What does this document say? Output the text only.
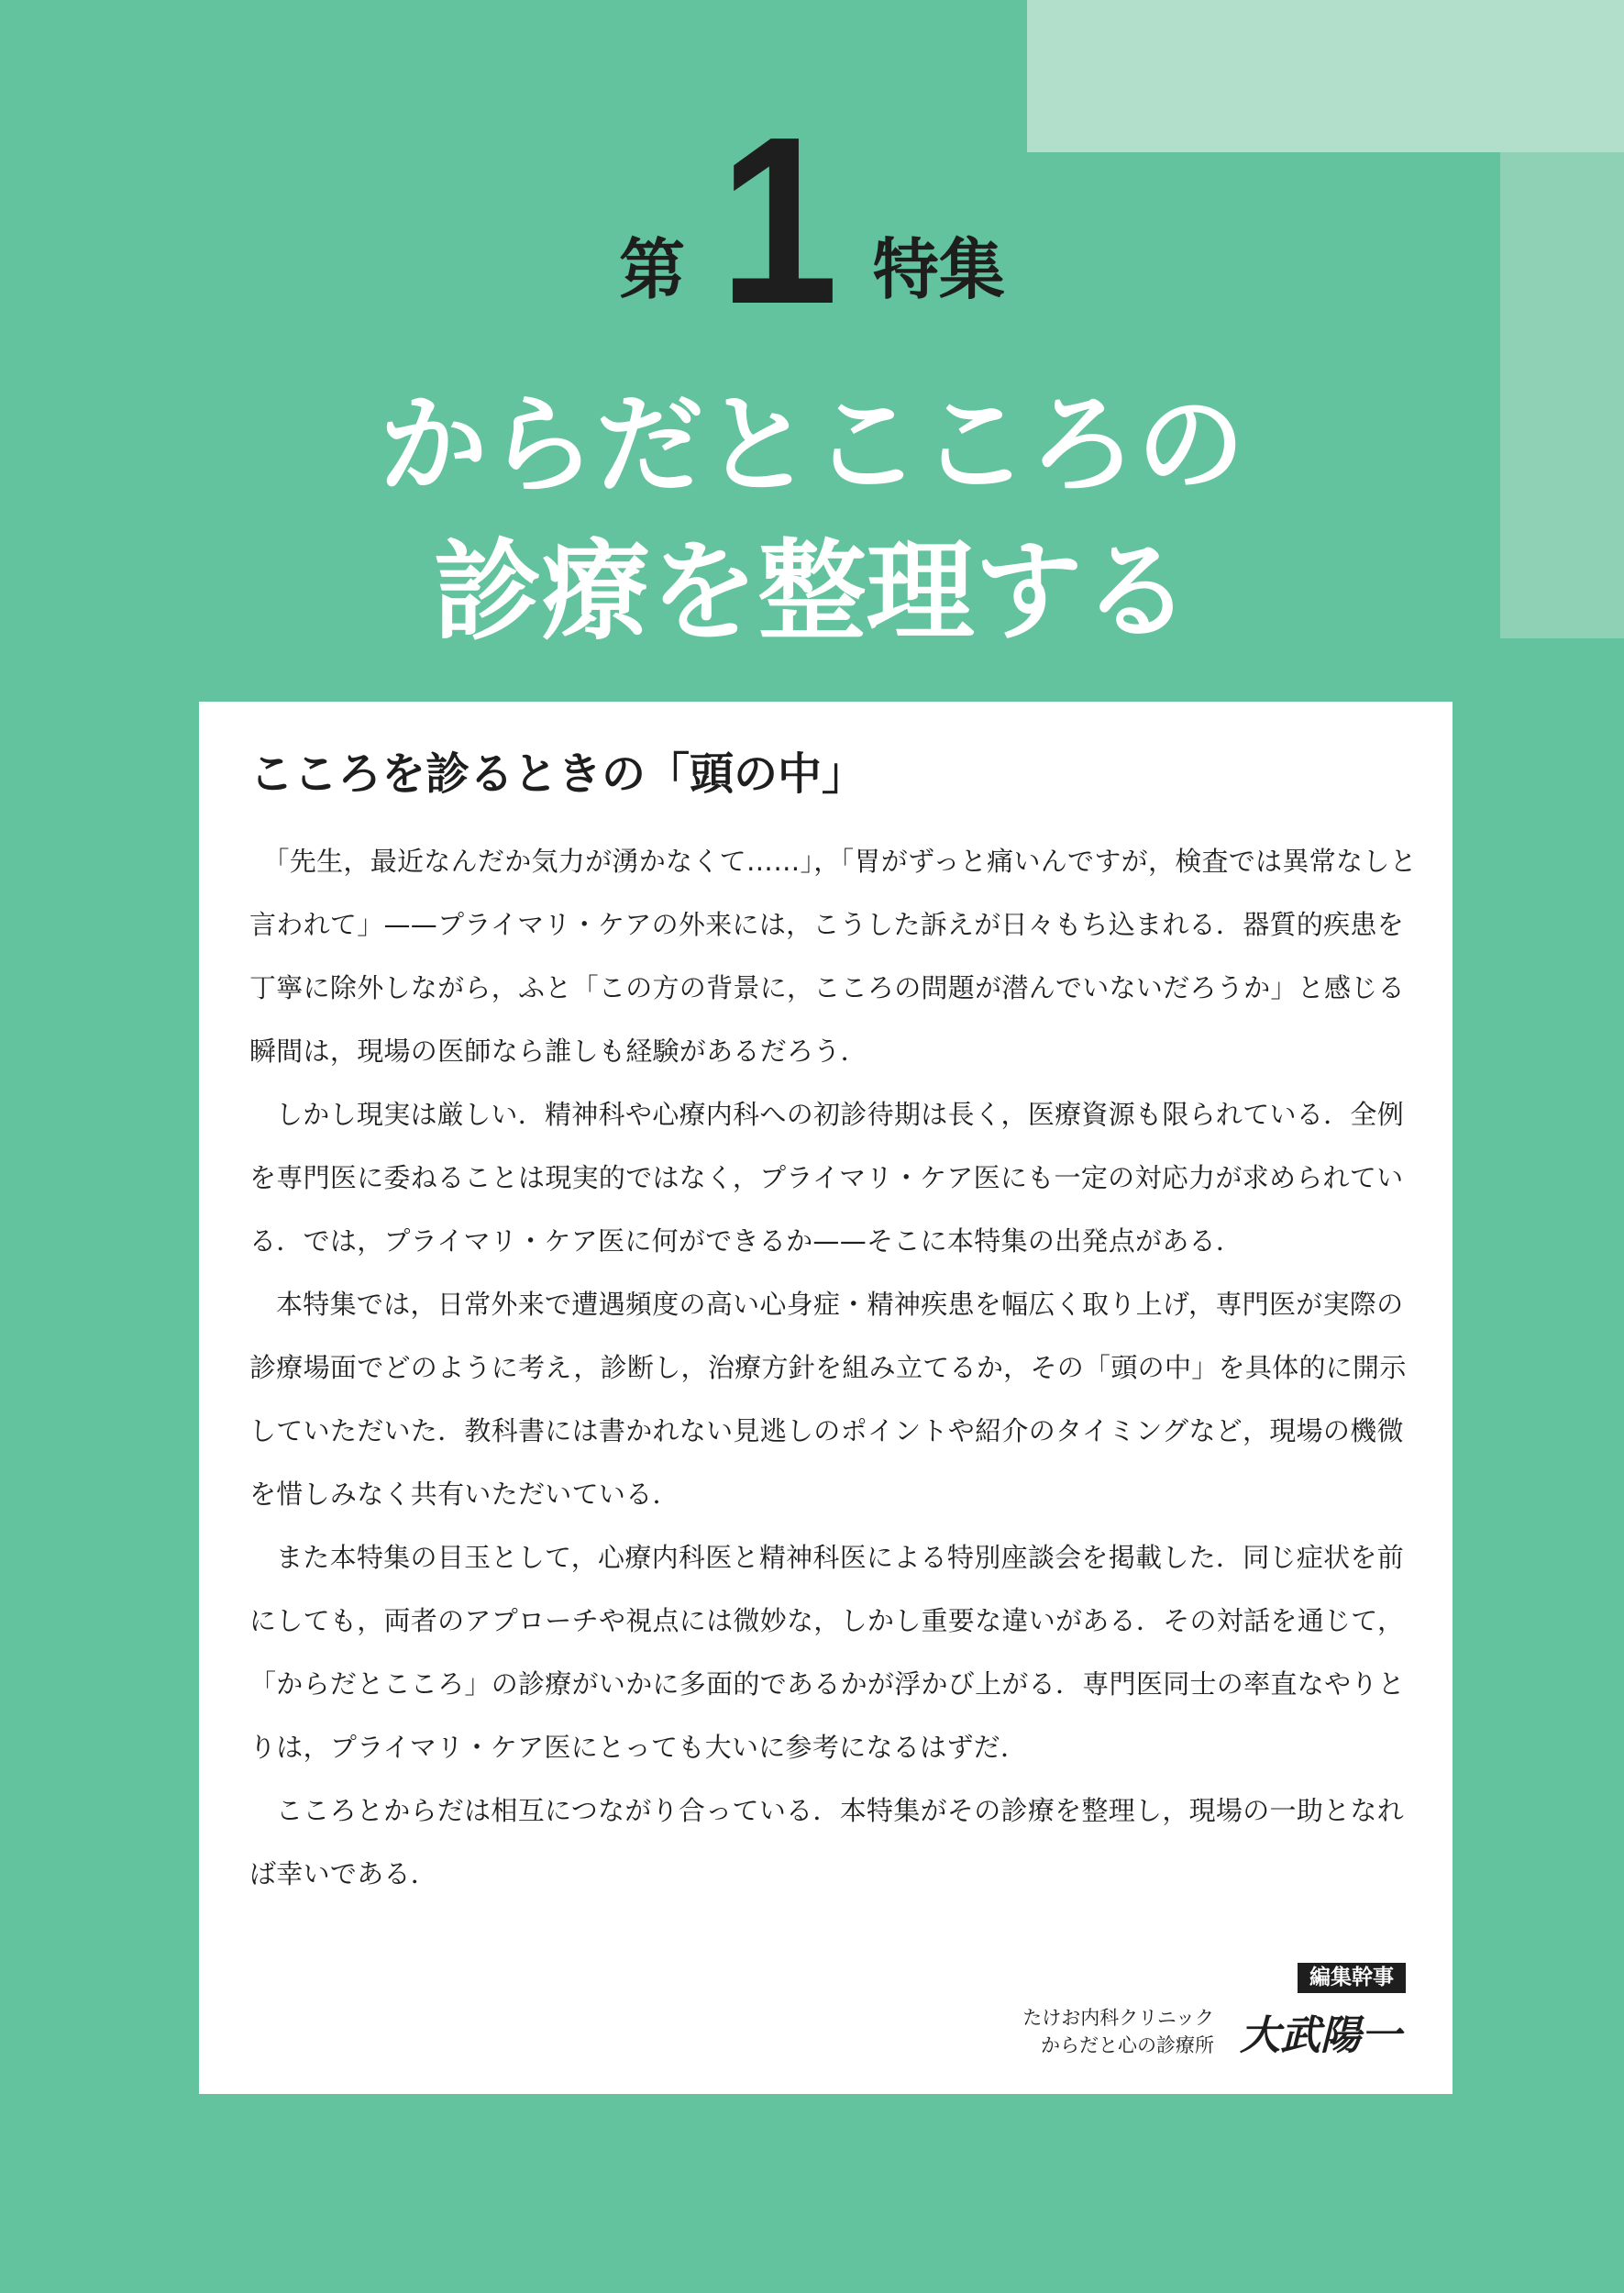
第 1 特集
からだとこころの
診療を整理する
こころを診るときの「頭の中」

「先生，最近なんだか気力が湧かなくて……」，「胃がずっと痛いんですが，検査では異常なしと言われて」——プライマリ・ケアの外来には，こうした訴えが日々もち込まれる．器質的疾患を丁寧に除外しながら，ふと「この方の背景に，こころの問題が潜んでいないだろうか」と感じる瞬間は，現場の医師なら誰しも経験があるだろう．

しかし現実は厳しい．精神科や心療内科への初診待期は長く，医療資源も限られている．全例を専門医に委ねることは現実的ではなく，プライマリ・ケア医にも一定の対応力が求められている．では，プライマリ・ケア医に何ができるか——そこに本特集の出発点がある．

本特集では，日常外来で遭遇頻度の高い心身症・精神疾患を幅広く取り上げ，専門医が実際の診療場面でどのように考え，診断し，治療方針を組み立てるか，その「頭の中」を具体的に開示していただいた．教科書には書かれない見逃しのポイントや紹介のタイミングなど，現場の機微を惜しみなく共有いただいている．

また本特集の目玉として，心療内科医と精神科医による特別座談会を掲載した．同じ症状を前にしても，両者のアプローチや視点には微妙な，しかし重要な違いがある．その対話を通じて，「からだとこころ」の診療がいかに多面的であるかが浮かび上がる．専門医同士の率直なやりとりは，プライマリ・ケア医にとっても大いに参考になるはずだ．

こころとからだは相互につながり合っている．本特集がその診療を整理し，現場の一助となれば幸いである．

編集幹事
たけお内科クリニック
からだと心の診療所 大武陽一
